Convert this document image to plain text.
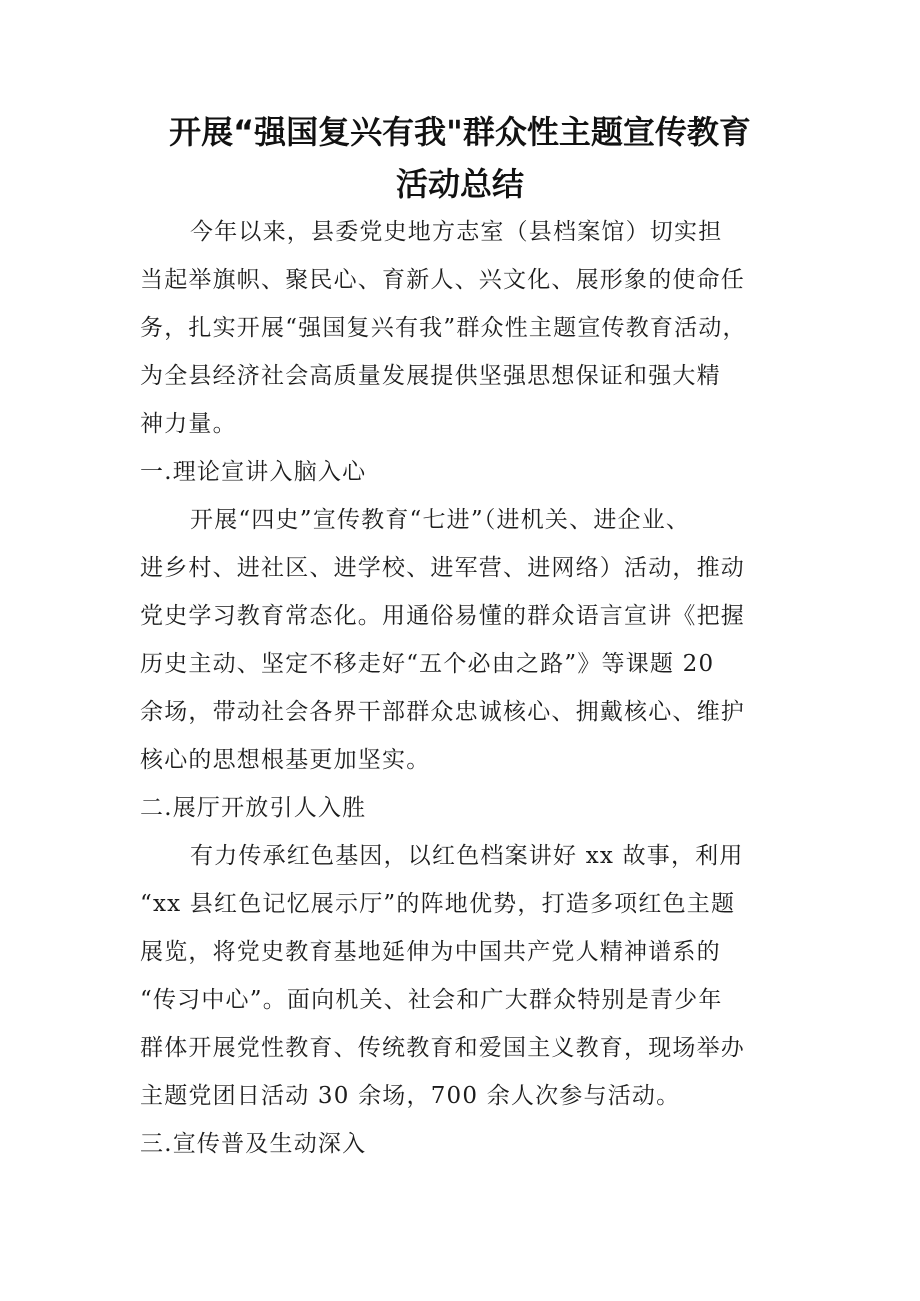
开展“强国复兴有我"群众性主题宣传教育
活动总结
今年以来，县委党史地方志室（县档案馆）切实担
当起举旗帜、聚民心、育新人、兴文化、展形象的使命任
务，扎实开展“强国复兴有我”群众性主题宣传教育活动，
为全县经济社会高质量发展提供坚强思想保证和强大精
神力量。
一.理论宣讲入脑入心
开展“四史”宣传教育“七进”（进机关、进企业、
进乡村、进社区、进学校、进军营、进网络）活动，推动
党史学习教育常态化。用通俗易懂的群众语言宣讲《把握
历史主动、坚定不移走好“五个必由之路”》等课题 20
余场，带动社会各界干部群众忠诚核心、拥戴核心、维护
核心的思想根基更加坚实。
二.展厅开放引人入胜
有力传承红色基因，以红色档案讲好 xx 故事，利用
“xx 县红色记忆展示厅”的阵地优势，打造多项红色主题
展览，将党史教育基地延伸为中国共产党人精神谱系的
“传习中心”。面向机关、社会和广大群众特别是青少年
群体开展党性教育、传统教育和爱国主义教育，现场举办
主题党团日活动 30 余场，700 余人次参与活动。
三.宣传普及生动深入
